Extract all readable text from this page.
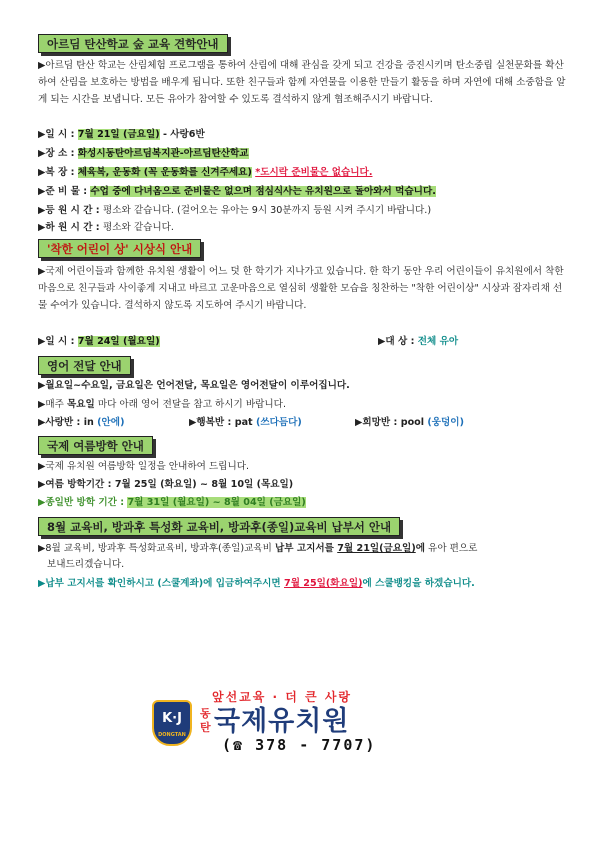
아르딤 탄산학교 숲 교육 견학안내
▶아르딤 탄산 학교는 산림체험 프로그램을 통하여 산림에 대해 관심을 갖게 되고 건강을 증진시키며 탄소중립 실천문화를 확산하여 산림을 보호하는 방법을 배우게 됩니다. 또한 친구들과 함께 자연물을 이용한 만들기 활동을 하며 자연에 대해 소중함을 알게 되는 시간을 보냅니다. 모든 유아가 참여할 수 있도록 결석하지 않게 협조해주시기 바랍니다.
▶일 시 : 7월 21일 (금요일) - 사랑6반
▶장 소 : 화성시동탄아르딤복지관-아르딤탄산학교
▶복 장 : 체육복, 운동화 (꼭 운동화를 신겨주세요) *도시락 준비물은 없습니다.
▶준 비 물 : 수업 중에 다녀옴으로 준비물은 없으며 점심식사는 유치원으로 돌아와서 먹습니다.
▶등 원 시 간 : 평소와 같습니다. (걸어오는 유아는 9시 30분까지 등원 시켜 주시기 바랍니다.)
▶하 원 시 간 : 평소와 같습니다.
'착한 어린이 상' 시상식 안내
▶국제 어린이들과 함께한 유치원 생활이 어느 덧 한 학기가 지나가고 있습니다. 한 학기 동안 우리 어린이들이 유치원에서 착한 마음으로 친구들과 사이좋게 지내고 바르고 고운마음으로 열심히 생활한 모습을 칭찬하는 "착한 어린이상" 시상과 잠자리채 선물 수여가 있습니다. 결석하지 않도록 지도하여 주시기 바랍니다.
▶일 시 : 7월 24일 (월요일)	▶대 상 : 전체 유아
영어 전달 안내
▶월요일~수요일, 금요일은 언어전달, 목요일은 영어전달이 이루어집니다.
▶매주 목요일 마다 아래 영어 전달을 참고 하시기 바랍니다.
▶사랑반 : in (안에)	▶행복반 : pat (쓰다듬다)	▶희망반 : pool (웅덩이)
국제 여름방학 안내
▶국제 유치원 여름방학 일정을 안내하여 드립니다.
▶여름 방학기간 : 7월 25일 (화요일) ~ 8월 10일 (목요일)
▶종일반 방학 기간 : 7월 31일 (월요일) ~ 8월 04일 (금요일)
8월 교육비, 방과후 특성화 교육비, 방과후(종일)교육비 납부서 안내
▶8월 교육비, 방과후 특성화교육비, 방과후(종일)교육비 납부 고지서를 7월 21일(금요일)에 유아 편으로
보내드리겠습니다.
▶납부 고지서를 확인하시고 (스쿨계좌)에 입금하여주시면 7월 25일(화요일)에 스쿨뱅킹을 하겠습니다.
앞선교육 · 더 큰 사랑
K·J
DONGTAN
동
탄 국제유치원
(☎ 378 - 7707)
